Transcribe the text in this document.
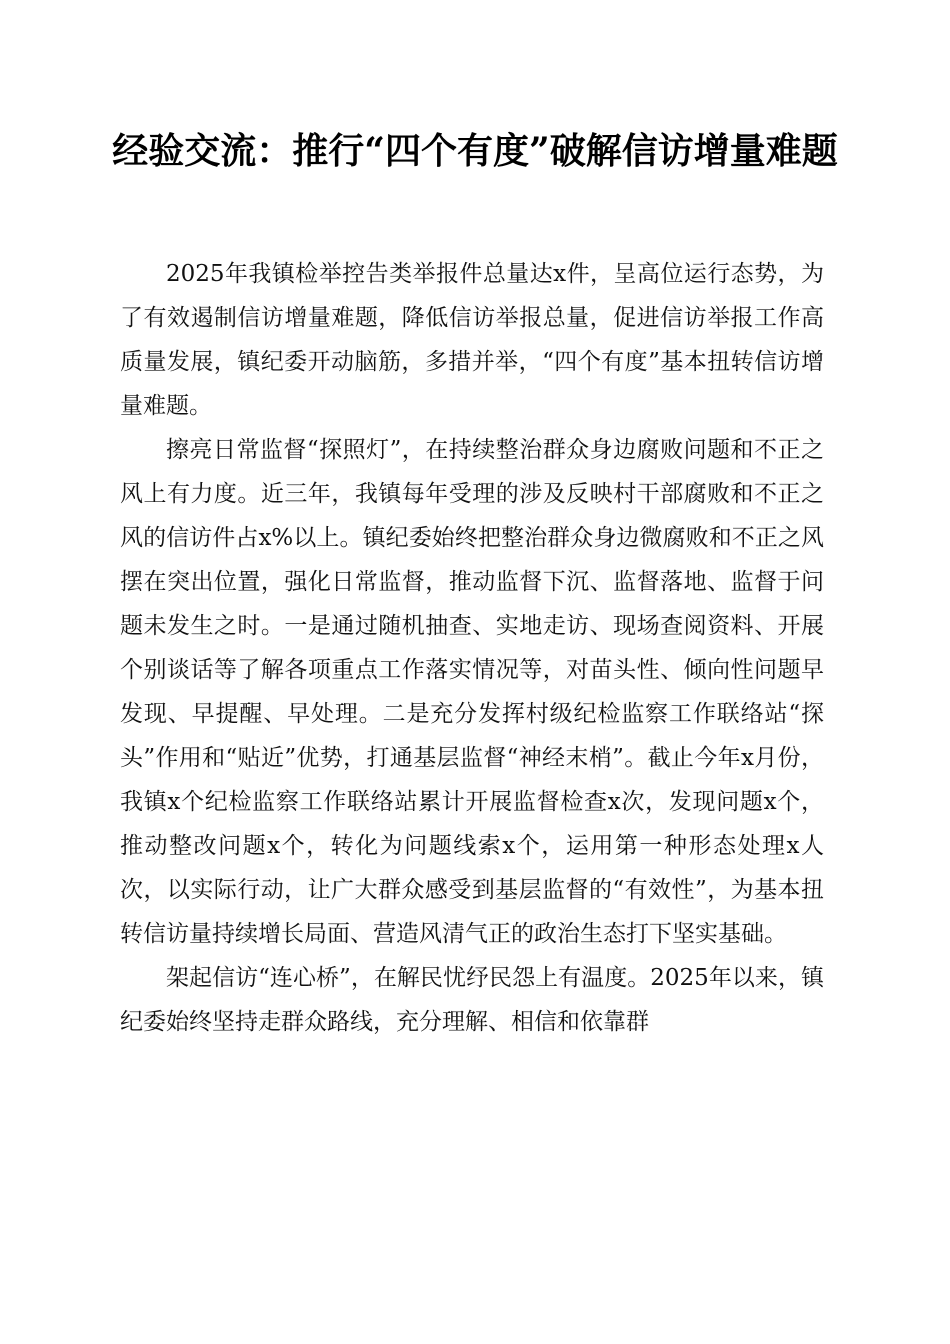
经验交流：推行“四个有度”破解信访增量难题

2025年我镇检举控告类举报件总量达x件，呈高位运行态势，为了有效遏制信访增量难题，降低信访举报总量，促进信访举报工作高质量发展，镇纪委开动脑筋，多措并举，“四个有度”基本扭转信访增量难题。

擦亮日常监督“探照灯”，在持续整治群众身边腐败问题和不正之风上有力度。近三年，我镇每年受理的涉及反映村干部腐败和不正之风的信访件占x%以上。镇纪委始终把整治群众身边微腐败和不正之风摆在突出位置，强化日常监督，推动监督下沉、监督落地、监督于问题未发生之时。一是通过随机抽查、实地走访、现场查阅资料、开展个别谈话等了解各项重点工作落实情况等，对苗头性、倾向性问题早发现、早提醒、早处理。二是充分发挥村级纪检监察工作联络站“探头”作用和“贴近”优势，打通基层监督“神经末梢”。截止今年x月份，我镇x个纪检监察工作联络站累计开展监督检查x次，发现问题x个，推动整改问题x个，转化为问题线索x个，运用第一种形态处理x人次，以实际行动，让广大群众感受到基层监督的“有效性”，为基本扭转信访量持续增长局面、营造风清气正的政治生态打下坚实基础。

架起信访“连心桥”，在解民忧纾民怨上有温度。2025年以来，镇纪委始终坚持走群众路线，充分理解、相信和依靠群
